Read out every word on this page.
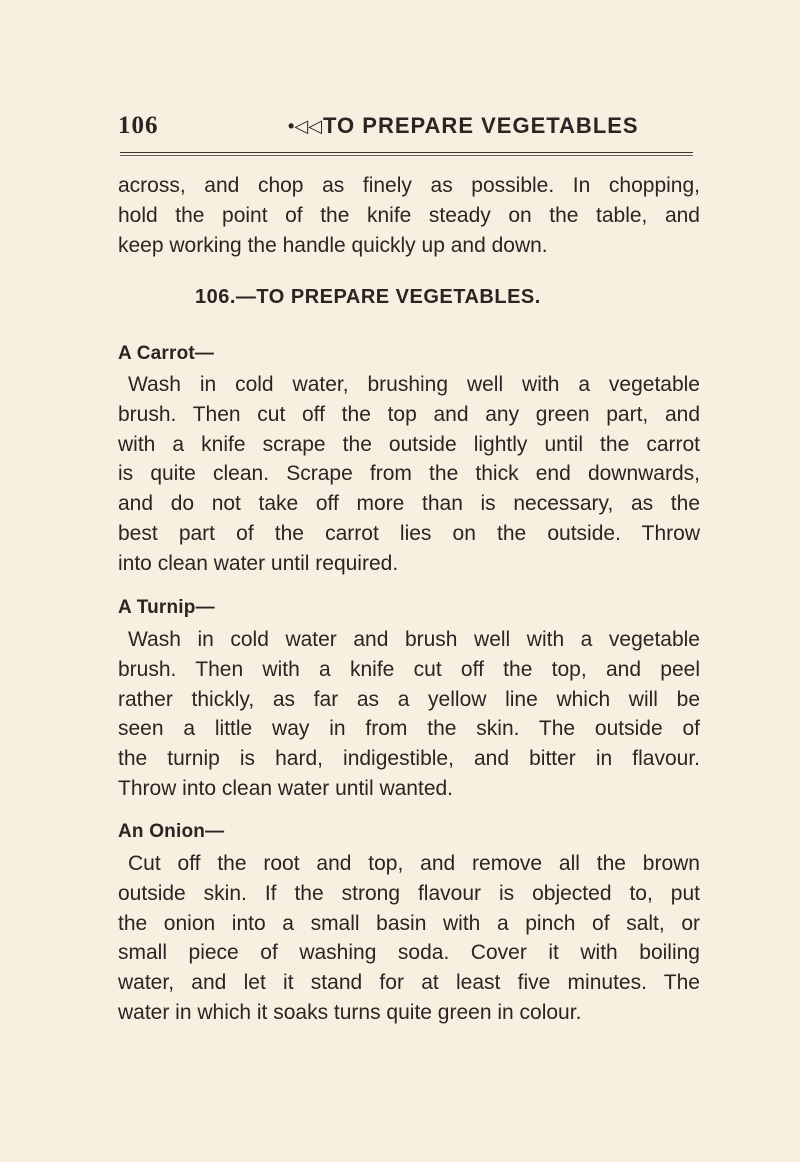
106	•◁◁ TO PREPARE VEGETABLES
across, and chop as finely as possible. In chopping,
hold the point of the knife steady on the table, and
keep working the handle quickly up and down.
106.—TO PREPARE VEGETABLES.
A Carrot—
Wash in cold water, brushing well with a vegetable
brush. Then cut off the top and any green part, and
with a knife scrape the outside lightly until the carrot
is quite clean. Scrape from the thick end downwards,
and do not take off more than is necessary, as the
best part of the carrot lies on the outside. Throw
into clean water until required.
A Turnip—
Wash in cold water and brush well with a vegetable
brush. Then with a knife cut off the top, and peel
rather thickly, as far as a yellow line which will be
seen a little way in from the skin. The outside of
the turnip is hard, indigestible, and bitter in flavour.
Throw into clean water until wanted.
An Onion—
Cut off the root and top, and remove all the brown
outside skin. If the strong flavour is objected to, put
the onion into a small basin with a pinch of salt, or
small piece of washing soda. Cover it with boiling
water, and let it stand for at least five minutes. The
water in which it soaks turns quite green in colour.
